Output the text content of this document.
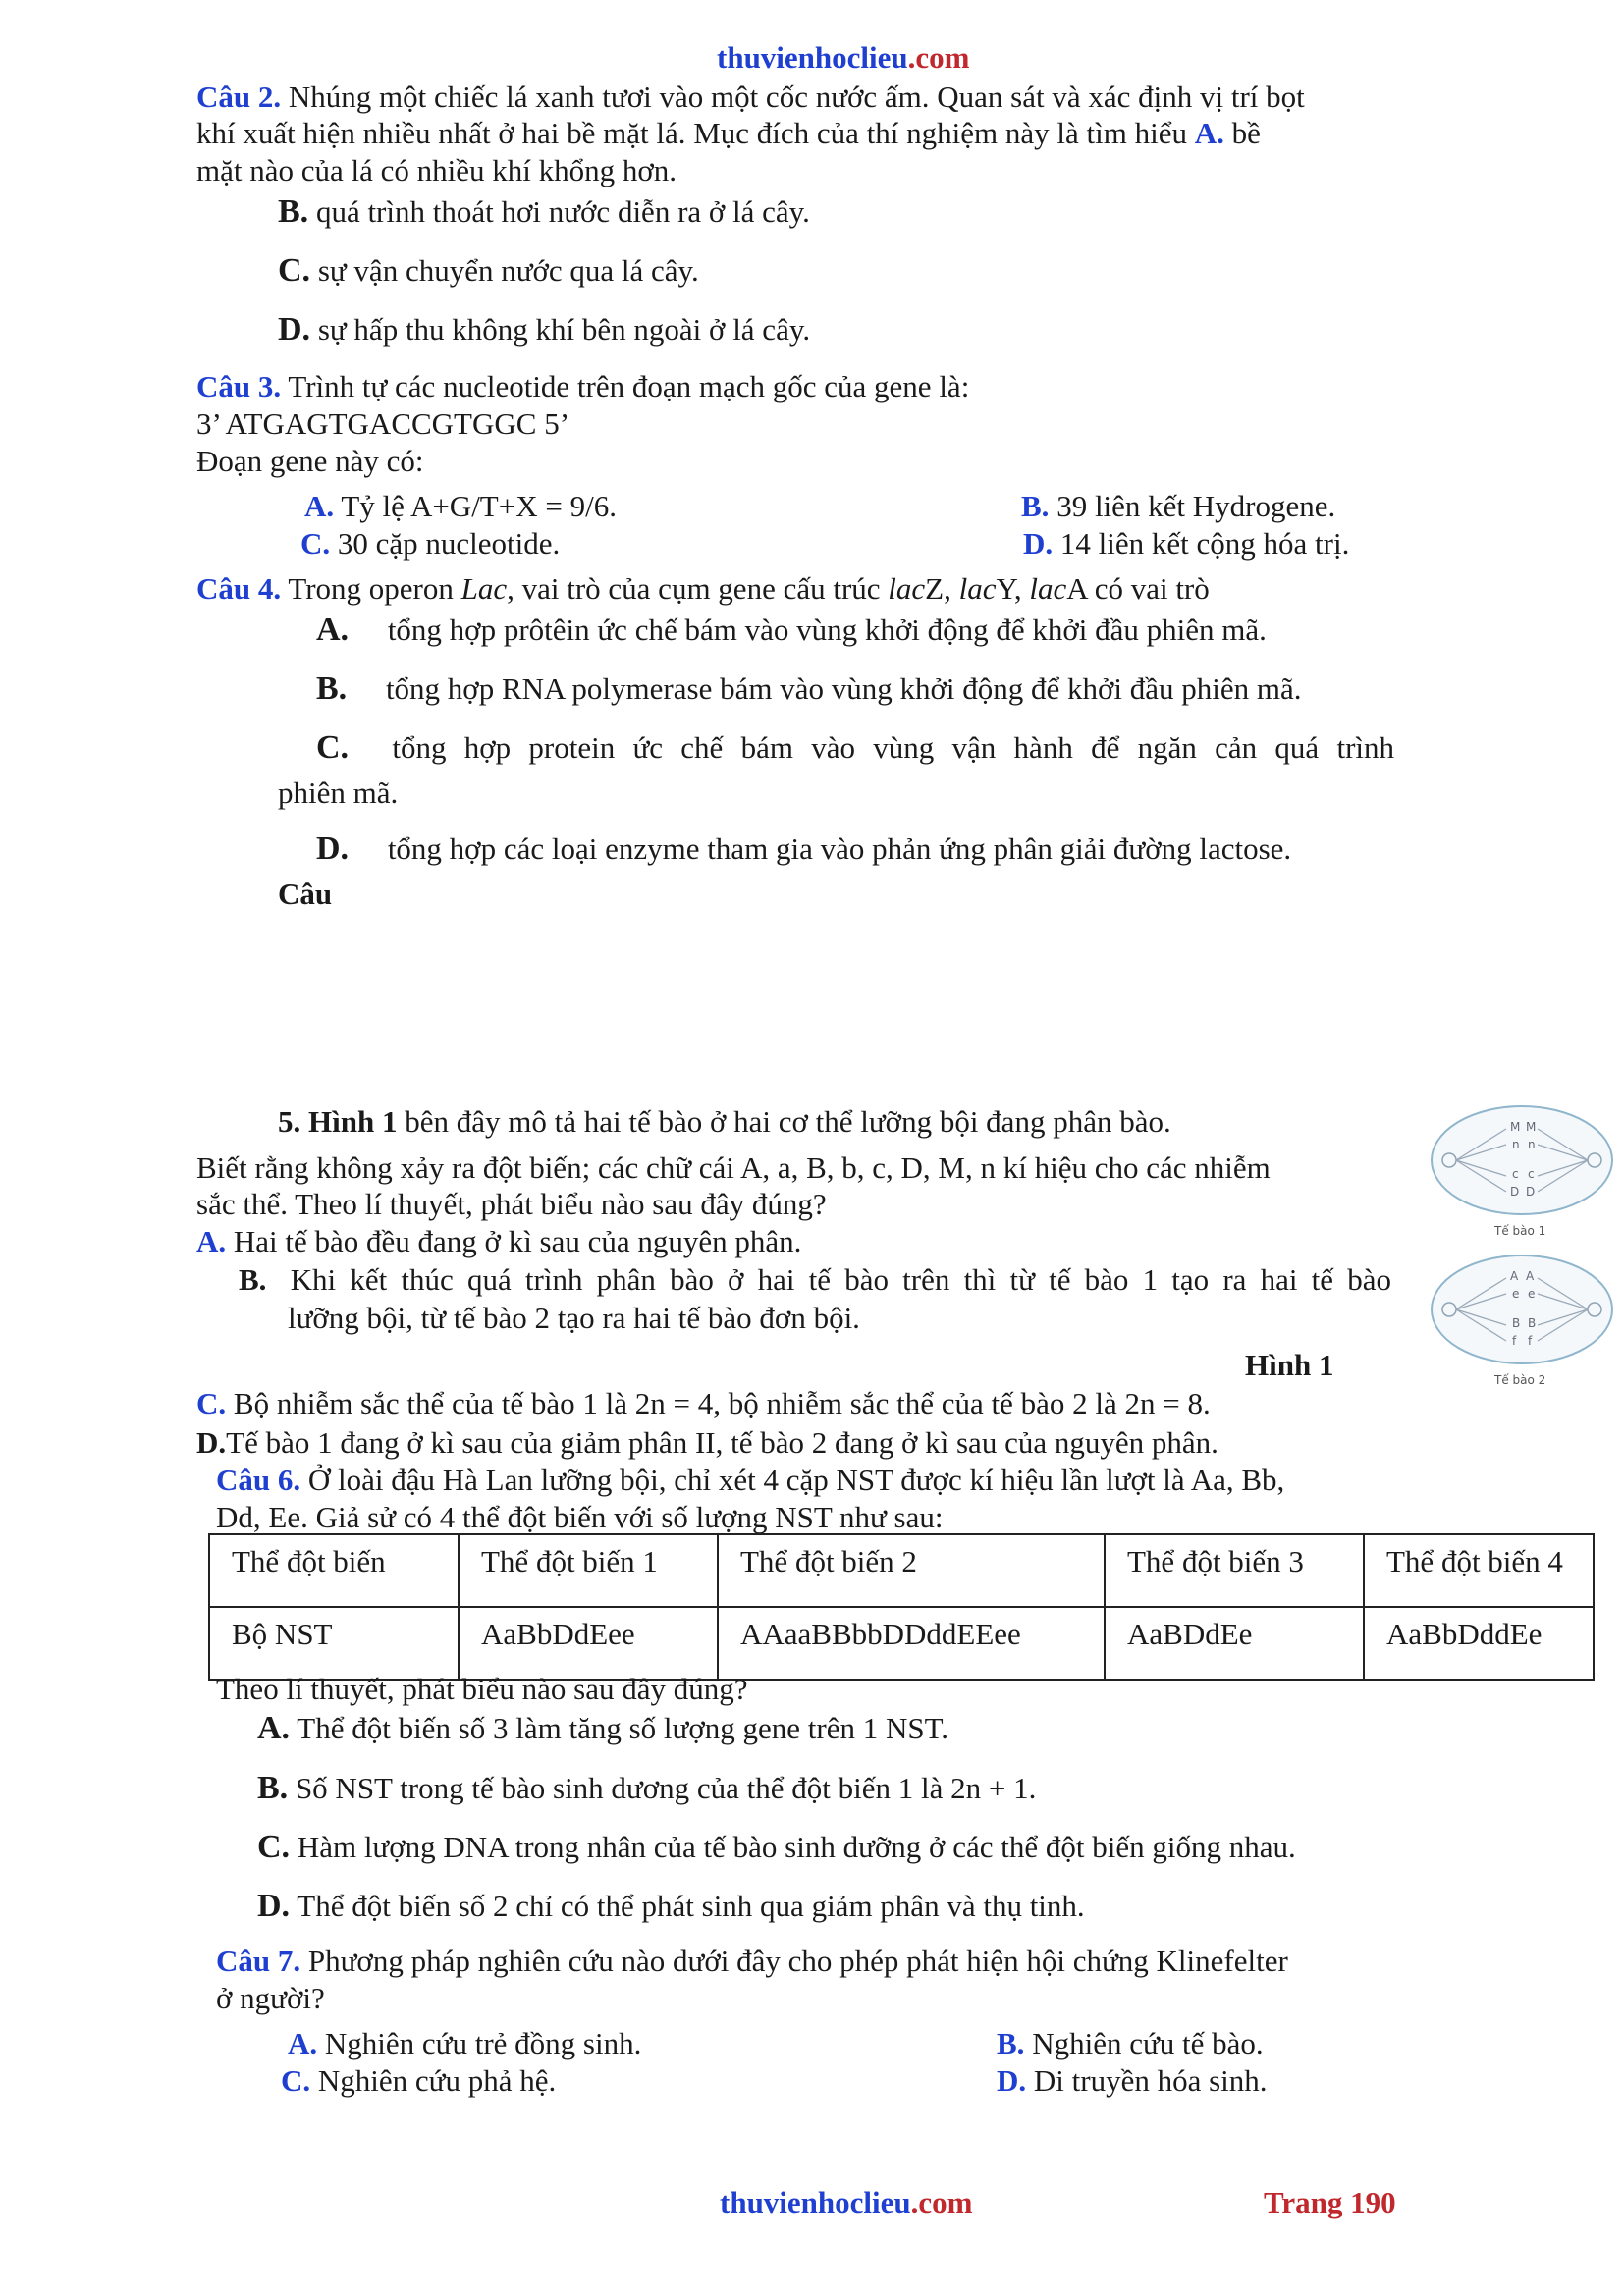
thuvienhoclieu.com
Câu 2. Nhúng một chiếc lá xanh tươi vào một cốc nước ấm. Quan sát và xác định vị trí bọt
khí xuất hiện nhiều nhất ở hai bề mặt lá. Mục đích của thí nghiệm này là tìm hiểu A. bề
mặt nào của lá có nhiều khí khổng hơn.
B. quá trình thoát hơi nước diễn ra ở lá cây.
C. sự vận chuyển nước qua lá cây.
D. sự hấp thu không khí bên ngoài ở lá cây.
Câu 3. Trình tự các nucleotide trên đoạn mạch gốc của gene là:
3’ ATGAGTGACCGTGGC 5’
Đoạn gene này có:
A. Tỷ lệ A+G/T+X = 9/6.	B. 39 liên kết Hydrogene.
C. 30 cặp nucleotide.	D. 14 liên kết cộng hóa trị.
Câu 4. Trong operon Lac, vai trò của cụm gene cấu trúc lacZ, lacY, lacA có vai trò
A. tổng hợp prôtêin ức chế bám vào vùng khởi động để khởi đầu phiên mã.
B. tổng hợp RNA polymerase bám vào vùng khởi động để khởi đầu phiên mã.
C. tổng hợp protein ức chế bám vào vùng vận hành để ngăn cản quá trình
phiên mã.
D. tổng hợp các loại enzyme tham gia vào phản ứng phân giải đường lactose.
Câu
5. Hình 1 bên đây mô tả hai tế bào ở hai cơ thể lưỡng bội đang phân bào.
Biết rằng không xảy ra đột biến; các chữ cái A, a, B, b, c, D, M, n kí hiệu cho các nhiễm
sắc thể. Theo lí thuyết, phát biểu nào sau đây đúng?
A. Hai tế bào đều đang ở kì sau của nguyên phân.
B. Khi kết thúc quá trình phân bào ở hai tế bào trên thì từ tế bào 1 tạo ra hai tế bào
lưỡng bội, từ tế bào 2 tạo ra hai tế bào đơn bội.
Hình 1
C. Bộ nhiễm sắc thể của tế bào 1 là 2n = 4, bộ nhiễm sắc thể của tế bào 2 là 2n = 8.
D.Tế bào 1 đang ở kì sau của giảm phân II, tế bào 2 đang ở kì sau của nguyên phân.
M M
n n
c c
D D
Tế bào 1
A A
e e
B B
f f
Tế bào 2
Câu 6. Ở loài đậu Hà Lan lưỡng bội, chỉ xét 4 cặp NST được kí hiệu lần lượt là Aa, Bb,
Dd, Ee. Giả sử có 4 thể đột biến với số lượng NST như sau:
Thể đột biến	Thể đột biến 1	Thể đột biến 2	Thể đột biến 3	Thể đột biến 4
Bộ NST	AaBbDdEee	AAaaBBbbDDddEEee	AaBDdEe	AaBbDddEe
Theo lí thuyết, phát biểu nào sau đây đúng?
A. Thể đột biến số 3 làm tăng số lượng gene trên 1 NST.
B. Số NST trong tế bào sinh dương của thể đột biến 1 là 2n + 1.
C. Hàm lượng DNA trong nhân của tế bào sinh dưỡng ở các thể đột biến giống nhau.
D. Thể đột biến số 2 chỉ có thể phát sinh qua giảm phân và thụ tinh.
Câu 7. Phương pháp nghiên cứu nào dưới đây cho phép phát hiện hội chứng Klinefelter
ở người?
A. Nghiên cứu trẻ đồng sinh.	B. Nghiên cứu tế bào.
C. Nghiên cứu phả hệ.	D. Di truyền hóa sinh.
thuvienhoclieu.com	Trang 190
